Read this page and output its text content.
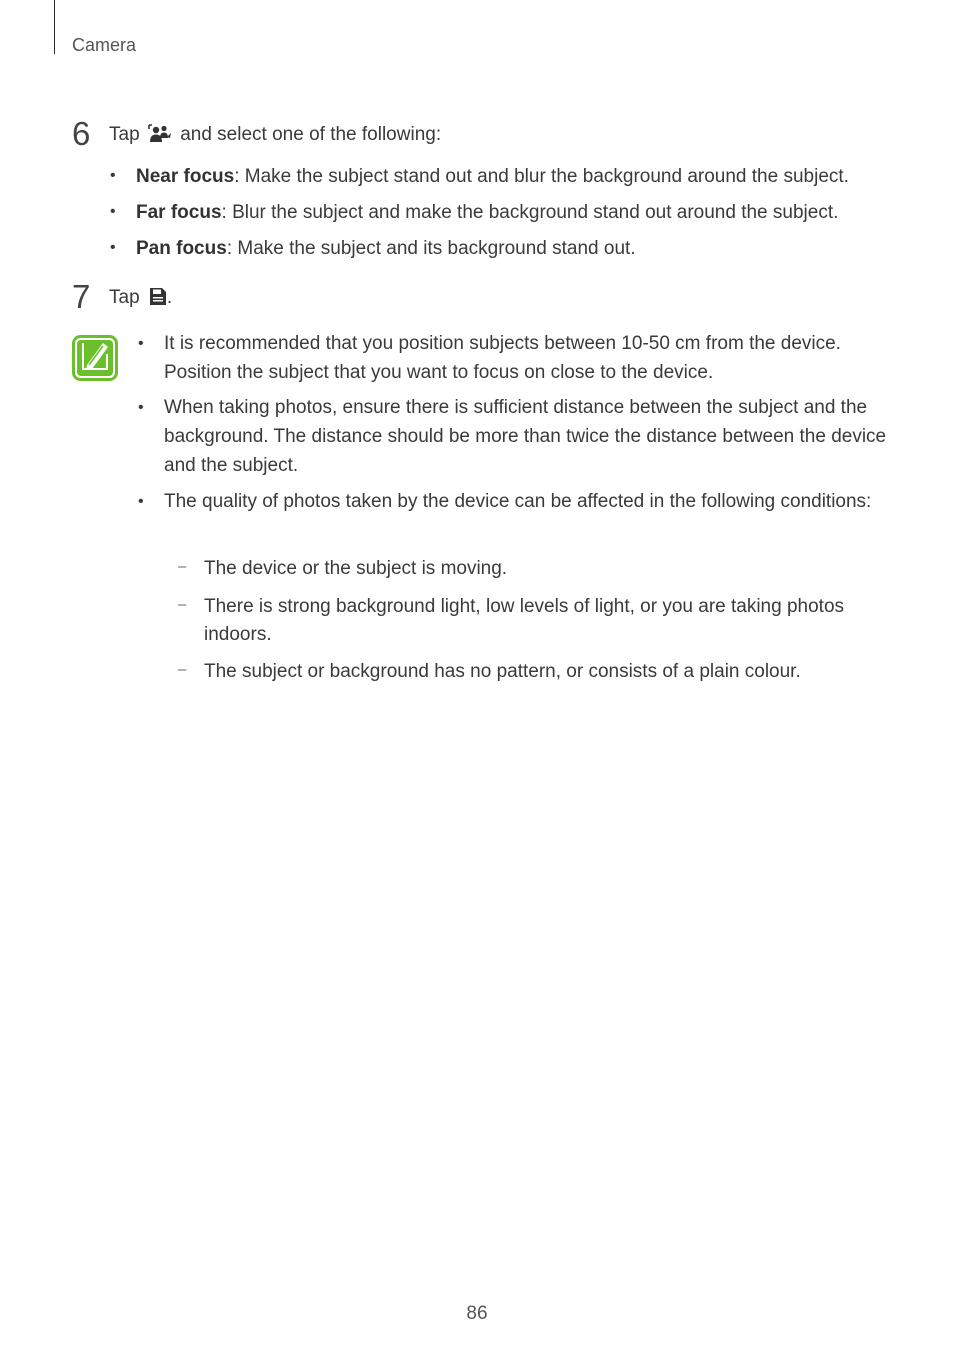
Camera
6 Tap and select one of the following:
• Near focus: Make the subject stand out and blur the background around the subject.
• Far focus: Blur the subject and make the background stand out around the subject.
• Pan focus: Make the subject and its background stand out.
7 Tap .
• It is recommended that you position subjects between 10-50 cm from the device. Position the subject that you want to focus on close to the device.
• When taking photos, ensure there is sufficient distance between the subject and the background. The distance should be more than twice the distance between the device and the subject.
• The quality of photos taken by the device can be affected in the following conditions:
– The device or the subject is moving.
– There is strong background light, low levels of light, or you are taking photos indoors.
– The subject or background has no pattern, or consists of a plain colour.
86
